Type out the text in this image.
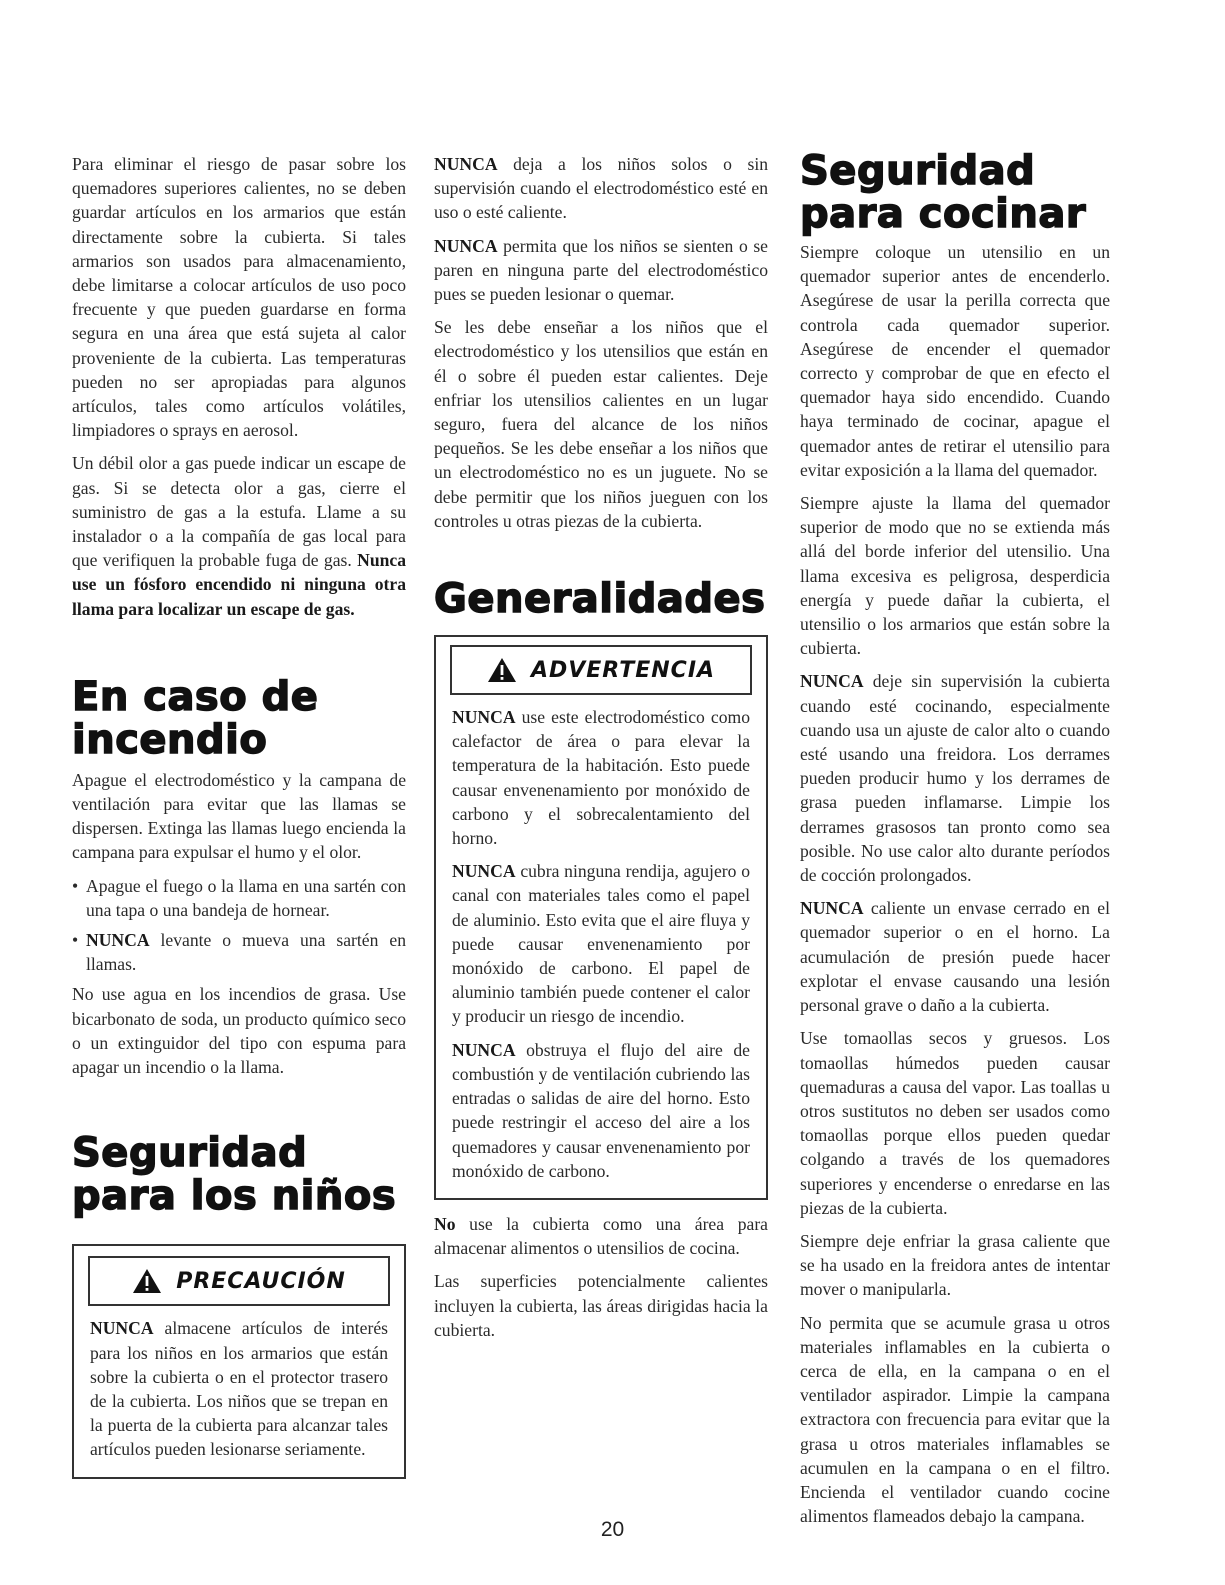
Para eliminar el riesgo de pasar sobre los quemadores superiores calientes, no se deben guardar artículos en los armarios que están directamente sobre la cubierta. Si tales armarios son usados para almacenamiento, debe limitarse a colocar artículos de uso poco frecuente y que pueden guardarse en forma segura en una área que está sujeta al calor proveniente de la cubierta. Las temperaturas pueden no ser apropiadas para algunos artículos, tales como artículos volátiles, limpiadores o sprays en aerosol.

Un débil olor a gas puede indicar un escape de gas. Si se detecta olor a gas, cierre el suministro de gas a la estufa. Llame a su instalador o a la compañía de gas local para que verifiquen la probable fuga de gas. Nunca use un fósforo encendido ni ninguna otra llama para localizar un escape de gas.

En caso de incendio

Apague el electrodoméstico y la campana de ventilación para evitar que las llamas se dispersen. Extinga las llamas luego encienda la campana para expulsar el humo y el olor.

• Apague el fuego o la llama en una sartén con una tapa o una bandeja de hornear.
• NUNCA levante o mueva una sartén en llamas.

No use agua en los incendios de grasa. Use bicarbonato de soda, un producto químico seco o un extinguidor del tipo con espuma para apagar un incendio o la llama.

Seguridad para los niños
PRECAUCIÓN

NUNCA almacene artículos de interés para los niños en los armarios que están sobre la cubierta o en el protector trasero de la cubierta. Los niños que se trepan en la puerta de la cubierta para alcanzar tales artículos pueden lesionarse seriamente.

NUNCA deja a los niños solos o sin supervisión cuando el electrodoméstico esté en uso o esté caliente.

NUNCA permita que los niños se sienten o se paren en ninguna parte del electrodoméstico pues se pueden lesionar o quemar.

Se les debe enseñar a los niños que el electrodoméstico y los utensilios que están en él o sobre él pueden estar calientes. Deje enfriar los utensilios calientes en un lugar seguro, fuera del alcance de los niños pequeños. Se les debe enseñar a los niños que un electrodoméstico no es un juguete. No se debe permitir que los niños jueguen con los controles u otras piezas de la cubierta.

Generalidades
ADVERTENCIA

NUNCA use este electrodoméstico como calefactor de área o para elevar la temperatura de la habitación. Esto puede causar envenenamiento por monóxido de carbono y el sobrecalentamiento del horno.

NUNCA cubra ninguna rendija, agujero o canal con materiales tales como el papel de aluminio. Esto evita que el aire fluya y puede causar envenenamiento por monóxido de carbono. El papel de aluminio también puede contener el calor y producir un riesgo de incendio.

NUNCA obstruya el flujo del aire de combustión y de ventilación cubriendo las entradas o salidas de aire del horno. Esto puede restringir el acceso del aire a los quemadores y causar envenenamiento por monóxido de carbono.

No use la cubierta como una área para almacenar alimentos o utensilios de cocina.

Las superficies potencialmente calientes incluyen la cubierta, las áreas dirigidas hacia la cubierta.

Seguridad para cocinar

Siempre coloque un utensilio en un quemador superior antes de encenderlo. Asegúrese de usar la perilla correcta que controla cada quemador superior. Asegúrese de encender el quemador correcto y comprobar de que en efecto el quemador haya sido encendido. Cuando haya terminado de cocinar, apague el quemador antes de retirar el utensilio para evitar exposición a la llama del quemador.

Siempre ajuste la llama del quemador superior de modo que no se extienda más allá del borde inferior del utensilio. Una llama excesiva es peligrosa, desperdicia energía y puede dañar la cubierta, el utensilio o los armarios que están sobre la cubierta.

NUNCA deje sin supervisión la cubierta cuando esté cocinando, especialmente cuando usa un ajuste de calor alto o cuando esté usando una freidora. Los derrames pueden producir humo y los derrames de grasa pueden inflamarse. Limpie los derrames grasosos tan pronto como sea posible. No use calor alto durante períodos de cocción prolongados.

NUNCA caliente un envase cerrado en el quemador superior o en el horno. La acumulación de presión puede hacer explotar el envase causando una lesión personal grave o daño a la cubierta.

Use tomaollas secos y gruesos. Los tomaollas húmedos pueden causar quemaduras a causa del vapor. Las toallas u otros sustitutos no deben ser usados como tomaollas porque ellos pueden quedar colgando a través de los quemadores superiores y encenderse o enredarse en las piezas de la cubierta.

Siempre deje enfriar la grasa caliente que se ha usado en la freidora antes de intentar mover o manipularla.

No permita que se acumule grasa u otros materiales inflamables en la cubierta o cerca de ella, en la campana o en el ventilador aspirador. Limpie la campana extractora con frecuencia para evitar que la grasa u otros materiales inflamables se acumulen en la campana o en el filtro. Encienda el ventilador cuando cocine alimentos flameados debajo la campana.

20
